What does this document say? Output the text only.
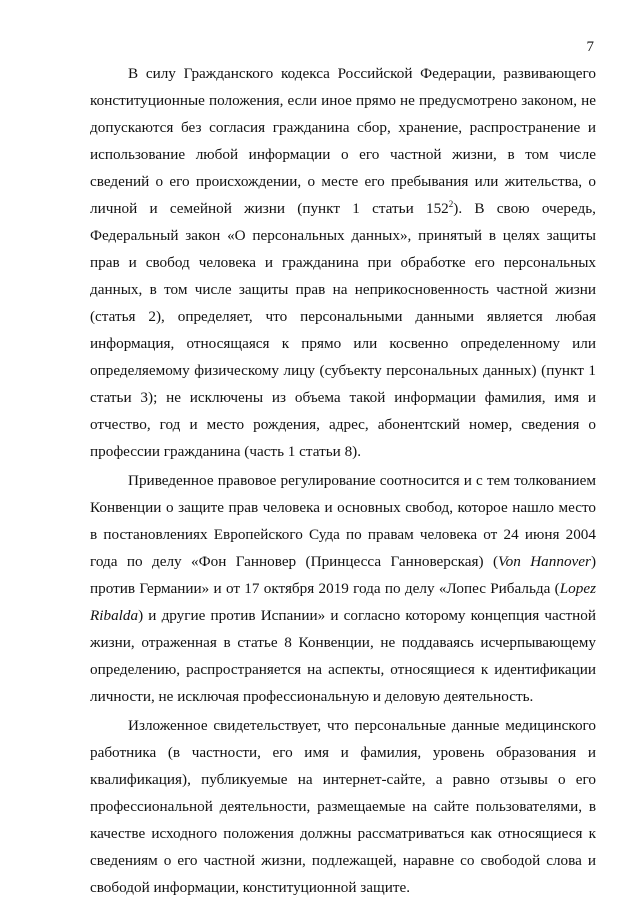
7

В силу Гражданского кодекса Российской Федерации, развивающего
конституционные положения, если иное прямо не предусмотрено законом, не
допускаются без согласия гражданина сбор, хранение, распространение и
использование любой информации о его частной жизни, в том числе
сведений о его происхождении, о месте его пребывания или жительства, о
личной и семейной жизни (пункт 1 статьи $152^2$). В свою очередь,
Федеральный закон «О персональных данных», принятый в целях защиты
прав и свобод человека и гражданина при обработке его персональных
данных, в том числе защиты прав на неприкосновенность частной жизни
(статья 2), определяет, что персональными данными является любая
информация, относящаяся к прямо или косвенно определенному или
определяемому физическому лицу (субъекту персональных данных) (пункт 1
статьи 3); не исключены из объема такой информации фамилия, имя и
отчество, год и место рождения, адрес, абонентский номер, сведения о
профессии гражданина (часть 1 статьи 8).

Приведенное правовое регулирование соотносится и с тем толкованием
Конвенции о защите прав человека и основных свобод, которое нашло место
в постановлениях Европейского Суда по правам человека от 24 июня 2004
года по делу «Фон Ганновер (Принцесса Ганноверская) (Von Hannover)
против Германии» и от 17 октября 2019 года по делу «Лопес Рибальда (Lopez
Ribalda) и другие против Испании» и согласно которому концепция частной
жизни, отраженная в статье 8 Конвенции, не поддаваясь исчерпывающему
определению, распространяется на аспекты, относящиеся к идентификации
личности, не исключая профессиональную и деловую деятельность.

Изложенное свидетельствует, что персональные данные медицинского
работника (в частности, его имя и фамилия, уровень образования и
квалификация), публикуемые на интернет-сайте, а равно отзывы о его
профессиональной деятельности, размещаемые на сайте пользователями, в
качестве исходного положения должны рассматриваться как относящиеся к
сведениям о его частной жизни, подлежащей, наравне со свободой слова и
свободой информации, конституционной защите.
